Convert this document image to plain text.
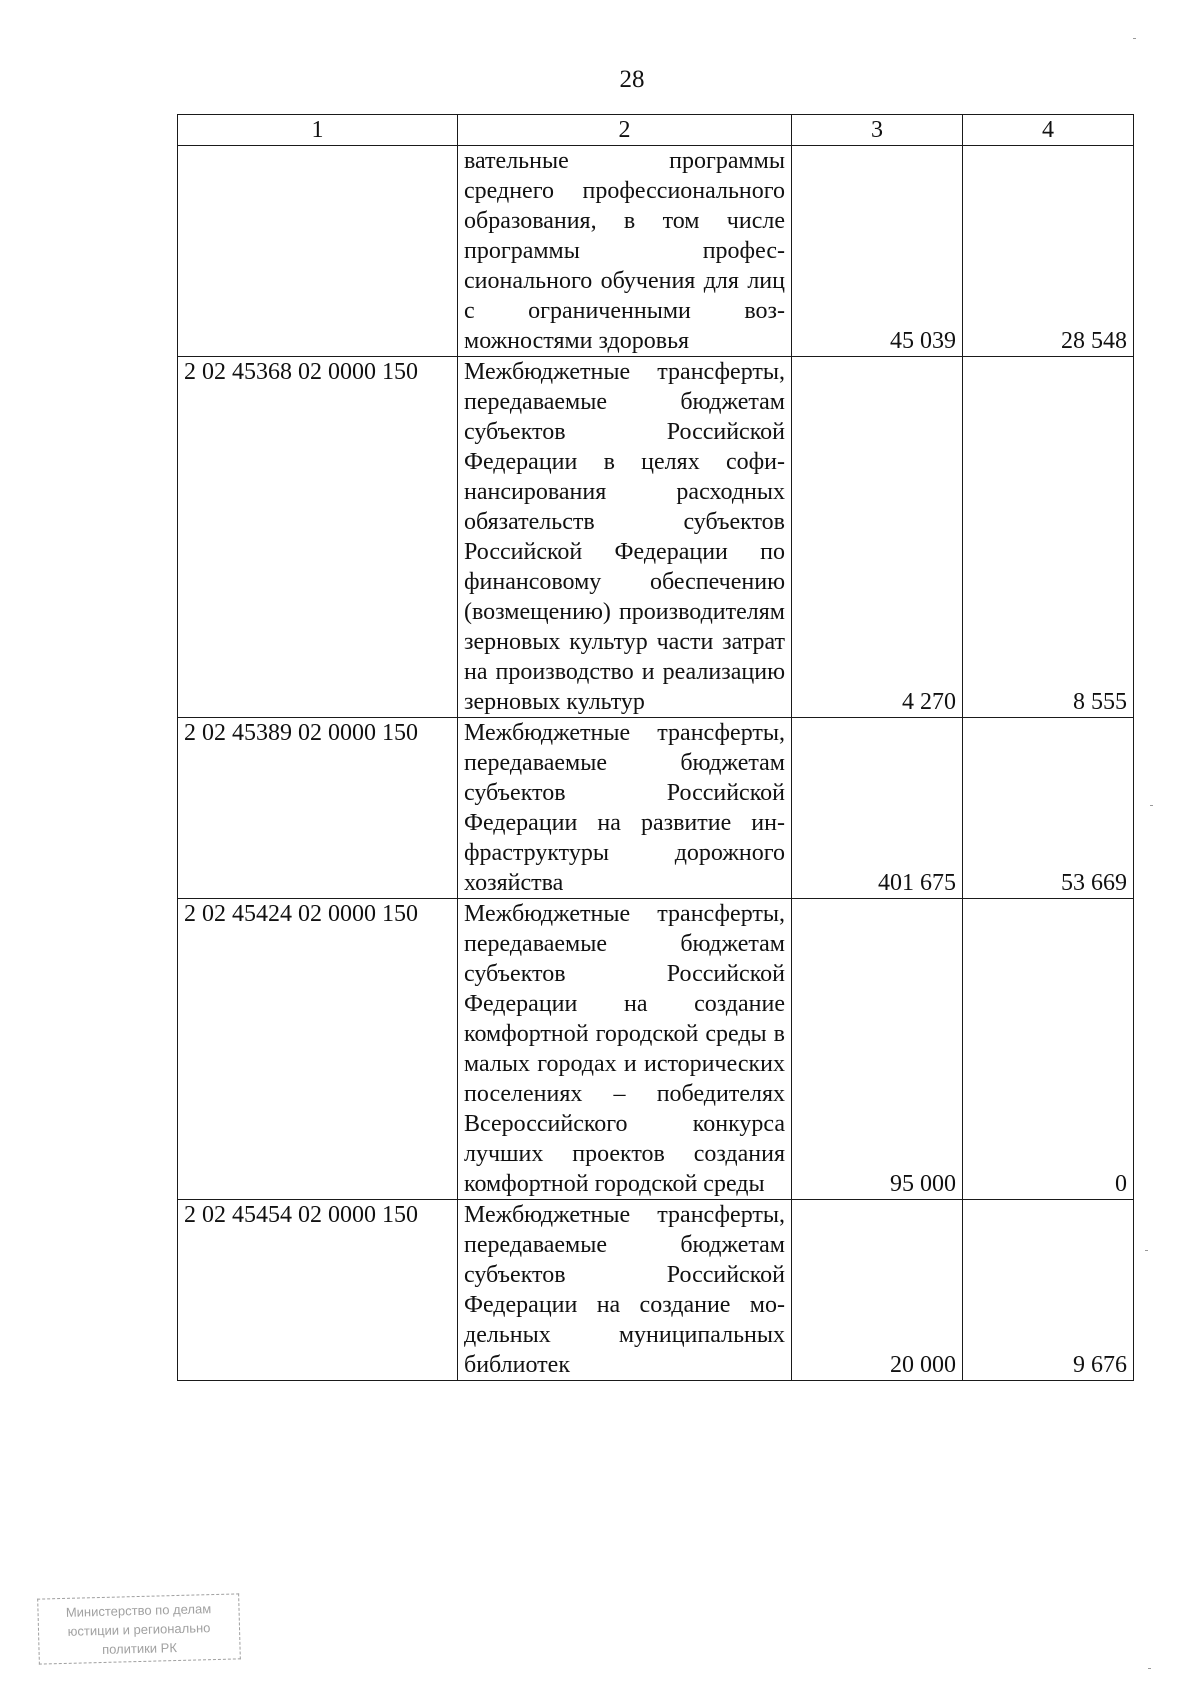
28
1	2	3	4
	вательные программы среднего профессионального образования, в том числе программы профессионального обучения для лиц с ограниченными возможностями здоровья	45 039	28 548
2 02 45368 02 0000 150	Межбюджетные трансферты, передаваемые бюджетам субъектов Российской Федерации в целях софинансирования расходных обязательств субъектов Российской Федерации по финансовому обеспечению (возмещению) производителям зерновых культур части затрат на производство и реализацию зерновых культур	4 270	8 555
2 02 45389 02 0000 150	Межбюджетные трансферты, передаваемые бюджетам субъектов Российской Федерации на развитие инфраструктуры дорожного хозяйства	401 675	53 669
2 02 45424 02 0000 150	Межбюджетные трансферты, передаваемые бюджетам субъектов Российской Федерации на создание комфортной городской среды в малых городах и исторических поселениях – победителях Всероссийского конкурса лучших проектов создания комфортной городской среды	95 000	0
2 02 45454 02 0000 150	Межбюджетные трансферты, передаваемые бюджетам субъектов Российской Федерации на создание модельных муниципальных библиотек	20 000	9 676
Министерство по делам
юстиции и регионально
политики РК
